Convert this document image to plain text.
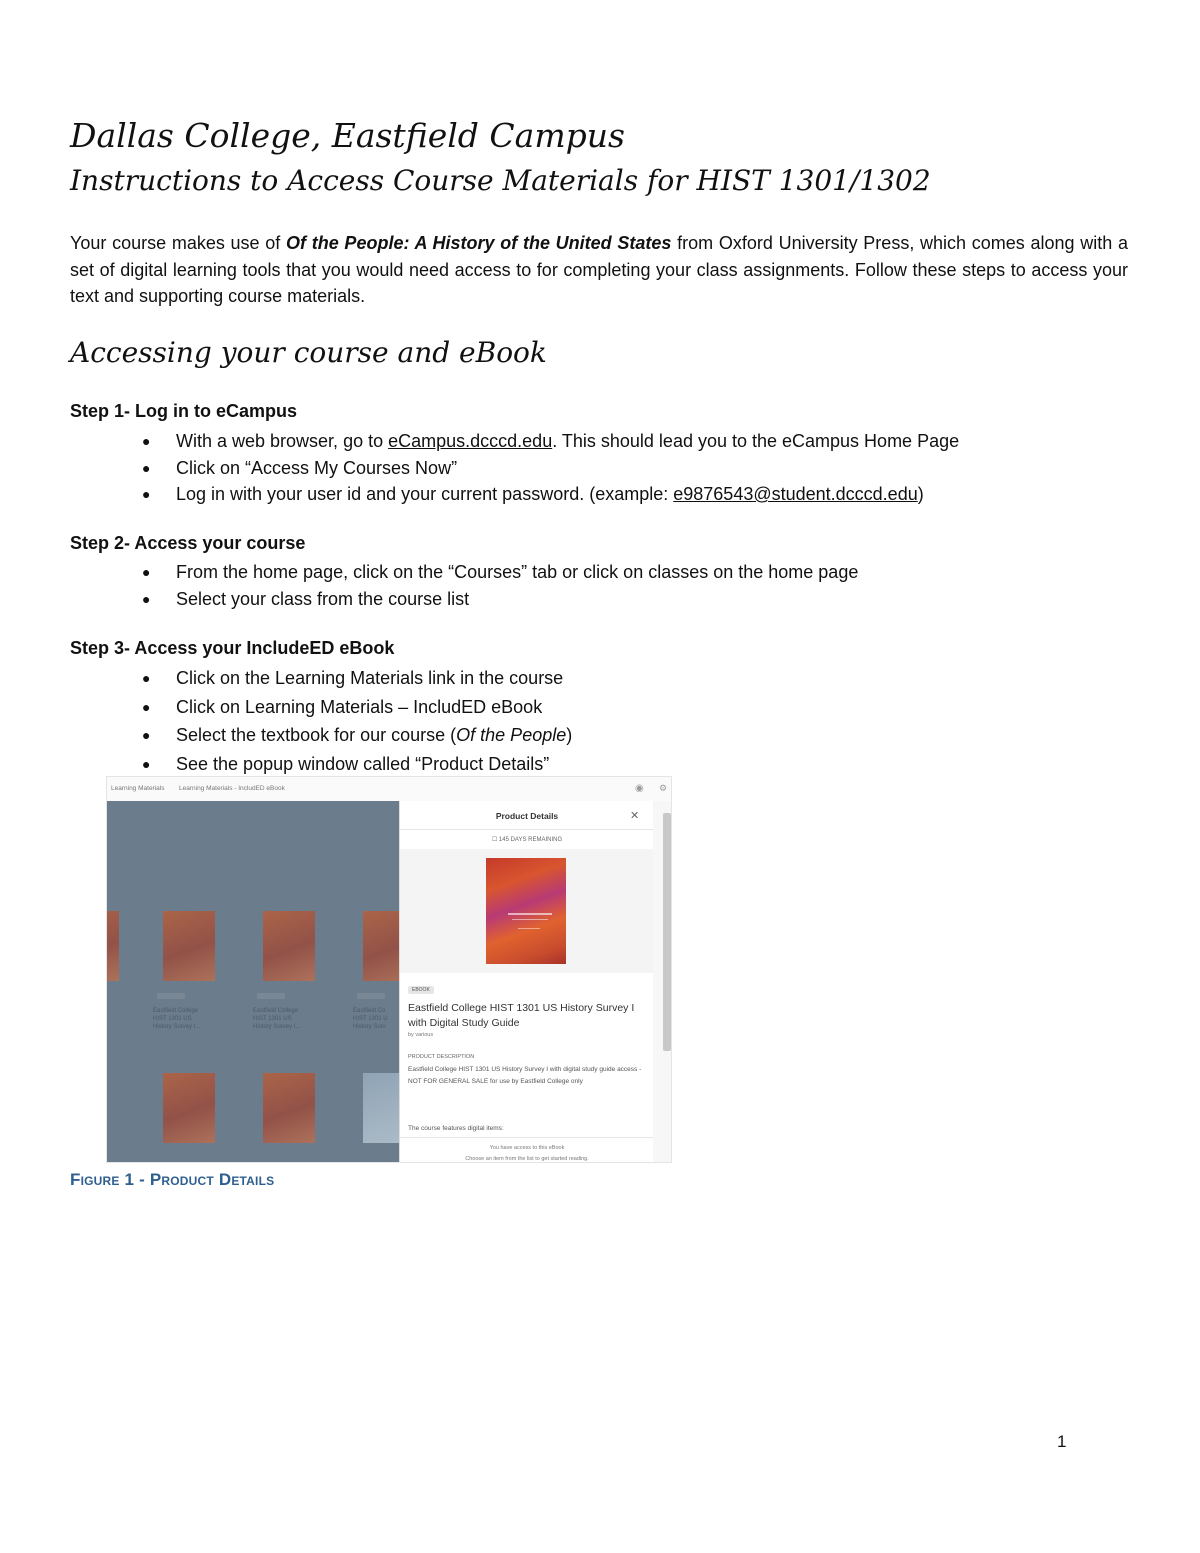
Dallas College, Eastfield Campus
Instructions to Access Course Materials for HIST 1301/1302

Your course makes use of Of the People: A History of the United States from Oxford University Press, which comes along with a set of digital learning tools that you would need access to for completing your class assignments. Follow these steps to access your text and supporting course materials.

Accessing your course and eBook

Step 1- Log in to eCampus

● With a web browser, go to eCampus.dcccd.edu. This should lead you to the eCampus Home Page
● Click on “Access My Courses Now”
● Log in with your user id and your current password. (example: e9876543@student.dcccd.edu)

Step 2- Access your course

● From the home page, click on the “Courses” tab or click on classes on the home page
● Select your class from the course list

Step 3- Access your IncludeED eBook

● Click on the Learning Materials link in the course
● Click on Learning Materials – IncludED eBook
● Select the textbook for our course (Of the People)
● See the popup window called “Product Details”
Learning Materials Learning Materials - IncludED eBook	◉ ⚙
Eastfield College
HIST 1301 US
History Survey I...
Eastfield College
HIST 1301 US
History Survey I...
Eastfield Co
HIST 1301 U
History Surv
Product Details	✕
☐ 145 DAYS REMAINING
EBOOK
Eastfield College HIST 1301 US History Survey I with Digital Study Guide
by various
PRODUCT DESCRIPTION
Eastfield College HIST 1301 US History Survey I with digital study guide access - NOT FOR GENERAL SALE for use by Eastfield College only
The course features digital items:
You have access to this eBook
Choose an item from the list to get started reading.

Figure 1 - Product Details

1
